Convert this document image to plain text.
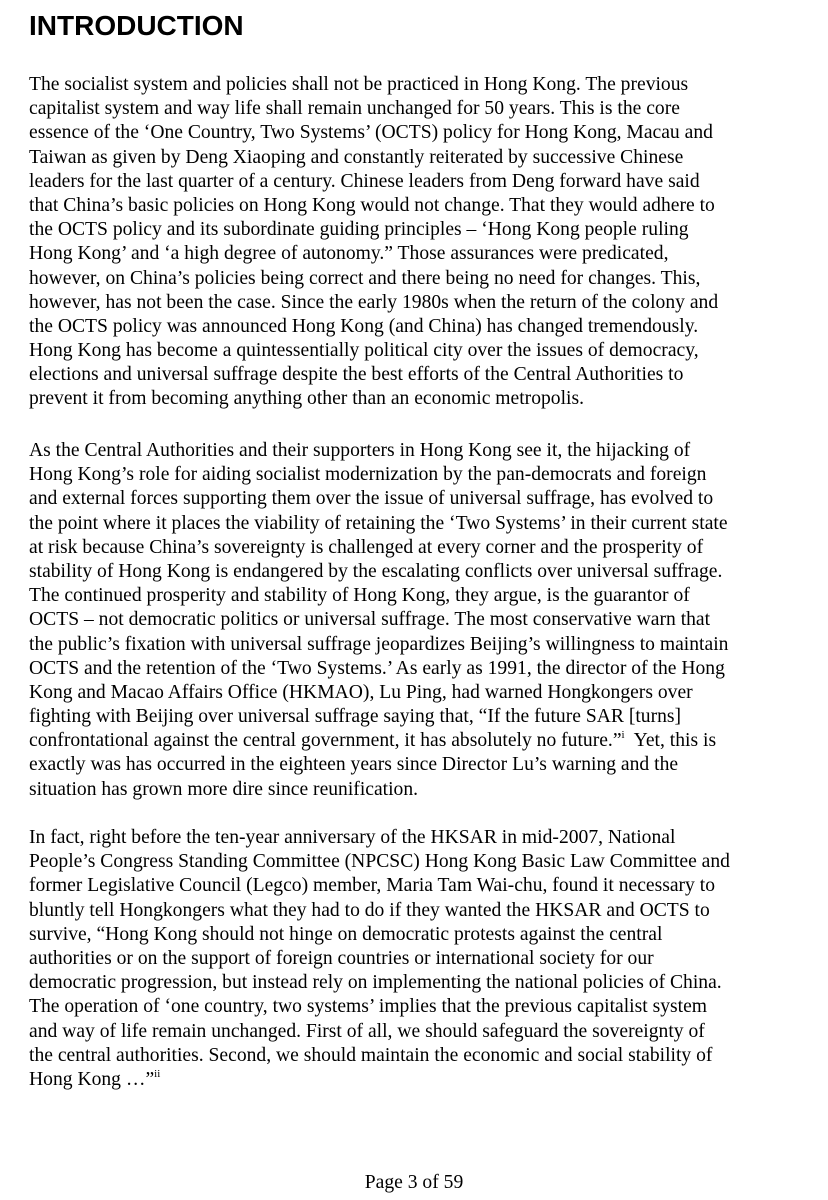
INTRODUCTION

The socialist system and policies shall not be practiced in Hong Kong. The previous
capitalist system and way life shall remain unchanged for 50 years. This is the core
essence of the ‘One Country, Two Systems’ (OCTS) policy for Hong Kong, Macau and
Taiwan as given by Deng Xiaoping and constantly reiterated by successive Chinese
leaders for the last quarter of a century. Chinese leaders from Deng forward have said
that China’s basic policies on Hong Kong would not change. That they would adhere to
the OCTS policy and its subordinate guiding principles – ‘Hong Kong people ruling
Hong Kong’ and ‘a high degree of autonomy.” Those assurances were predicated,
however, on China’s policies being correct and there being no need for changes. This,
however, has not been the case. Since the early 1980s when the return of the colony and
the OCTS policy was announced Hong Kong (and China) has changed tremendously.
Hong Kong has become a quintessentially political city over the issues of democracy,
elections and universal suffrage despite the best efforts of the Central Authorities to
prevent it from becoming anything other than an economic metropolis.

As the Central Authorities and their supporters in Hong Kong see it, the hijacking of
Hong Kong’s role for aiding socialist modernization by the pan-democrats and foreign
and external forces supporting them over the issue of universal suffrage, has evolved to
the point where it places the viability of retaining the ‘Two Systems’ in their current state
at risk because China’s sovereignty is challenged at every corner and the prosperity of
stability of Hong Kong is endangered by the escalating conflicts over universal suffrage.
The continued prosperity and stability of Hong Kong, they argue, is the guarantor of
OCTS – not democratic politics or universal suffrage. The most conservative warn that
the public’s fixation with universal suffrage jeopardizes Beijing’s willingness to maintain
OCTS and the retention of the ‘Two Systems.’ As early as 1991, the director of the Hong
Kong and Macao Affairs Office (HKMAO), Lu Ping, had warned Hongkongers over
fighting with Beijing over universal suffrage saying that, “If the future SAR [turns]
confrontational against the central government, it has absolutely no future.”$^i$  Yet, this is
exactly was has occurred in the eighteen years since Director Lu’s warning and the
situation has grown more dire since reunification.

In fact, right before the ten-year anniversary of the HKSAR in mid-2007, National
People’s Congress Standing Committee (NPCSC) Hong Kong Basic Law Committee and
former Legislative Council (Legco) member, Maria Tam Wai-chu, found it necessary to
bluntly tell Hongkongers what they had to do if they wanted the HKSAR and OCTS to
survive, “Hong Kong should not hinge on democratic protests against the central
authorities or on the support of foreign countries or international society for our
democratic progression, but instead rely on implementing the national policies of China.
The operation of ‘one country, two systems’ implies that the previous capitalist system
and way of life remain unchanged. First of all, we should safeguard the sovereignty of
the central authorities. Second, we should maintain the economic and social stability of
Hong Kong …”$^{ii}$

Page 3 of 59
